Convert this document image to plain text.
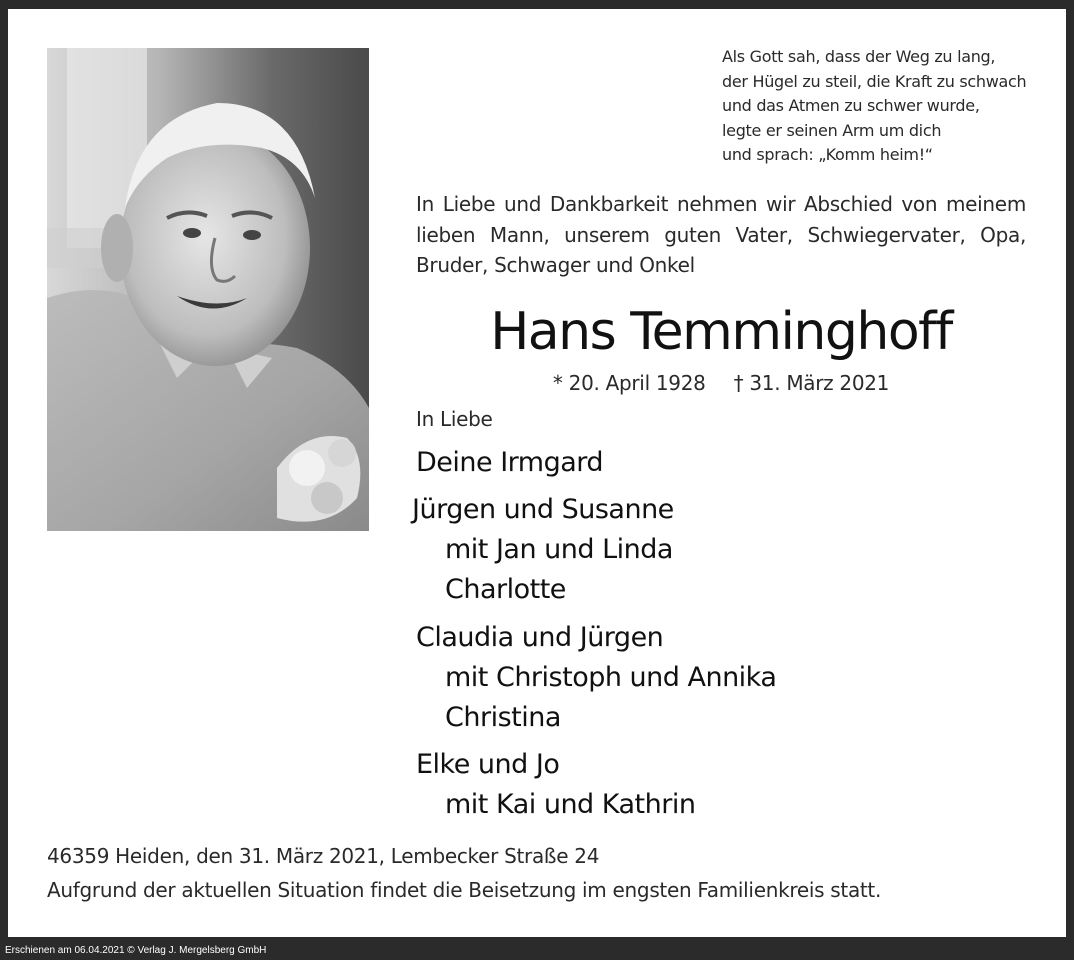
Als Gott sah, dass der Weg zu lang,
der Hügel zu steil, die Kraft zu schwach
und das Atmen zu schwer wurde,
legte er seinen Arm um dich
und sprach: „Komm heim!“
In Liebe und Dankbarkeit nehmen wir Abschied von meinem lieben Mann, unserem guten Vater, Schwiegervater, Opa, Bruder, Schwager und Onkel
Hans Temminghoff
* 20. April 1928 † 31. März 2021
In Liebe
Deine Irmgard
Jürgen und Susanne
mit Jan und Linda
Charlotte
Claudia und Jürgen
mit Christoph und Annika
Christina
Elke und Jo
mit Kai und Kathrin
46359 Heiden, den 31. März 2021, Lembecker Straße 24
Aufgrund der aktuellen Situation findet die Beisetzung im engsten Familienkreis statt.
Erschienen am 06.04.2021 © Verlag J. Mergelsberg GmbH
